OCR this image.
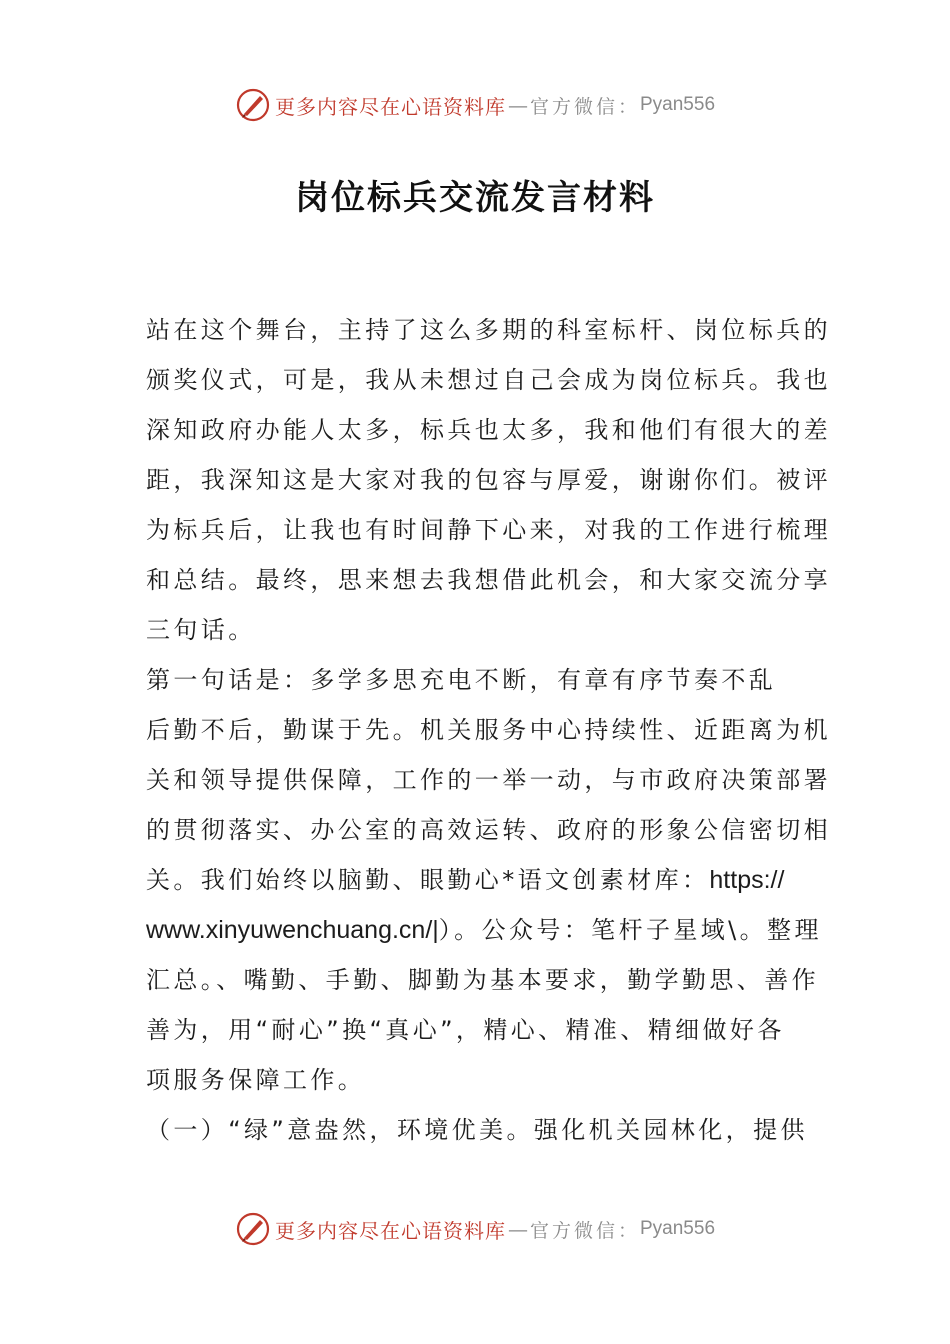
更多内容尽在心语资料库 — 官方微信： Pyan556
岗位标兵交流发言材料
站在这个舞台，主持了这么多期的科室标杆、岗位标兵的
颁奖仪式，可是，我从未想过自己会成为岗位标兵。我也
深知政府办能人太多，标兵也太多，我和他们有很大的差
距，我深知这是大家对我的包容与厚爱，谢谢你们。被评
为标兵后，让我也有时间静下心来，对我的工作进行梳理
和总结。最终，思来想去我想借此机会，和大家交流分享
三句话。
第一句话是：多学多思充电不断，有章有序节奏不乱
后勤不后，勤谋于先。机关服务中心持续性、近距离为机
关和领导提供保障，工作的一举一动，与市政府决策部署
的贯彻落实、办公室的高效运转、政府的形象公信密切相
关。我们始终以脑勤、眼勤心*语文创素材库：https://
www.xinyuwenchuang.cn/|）。公众号：笔杆子星域\。整理
汇总。、嘴勤、手勤、脚勤为基本要求，勤学勤思、善作
善为，用“耐心”换“真心”，精心、精准、精细做好各
项服务保障工作。
（一）“绿”意盎然，环境优美。强化机关园林化，提供
更多内容尽在心语资料库 — 官方微信： Pyan556
